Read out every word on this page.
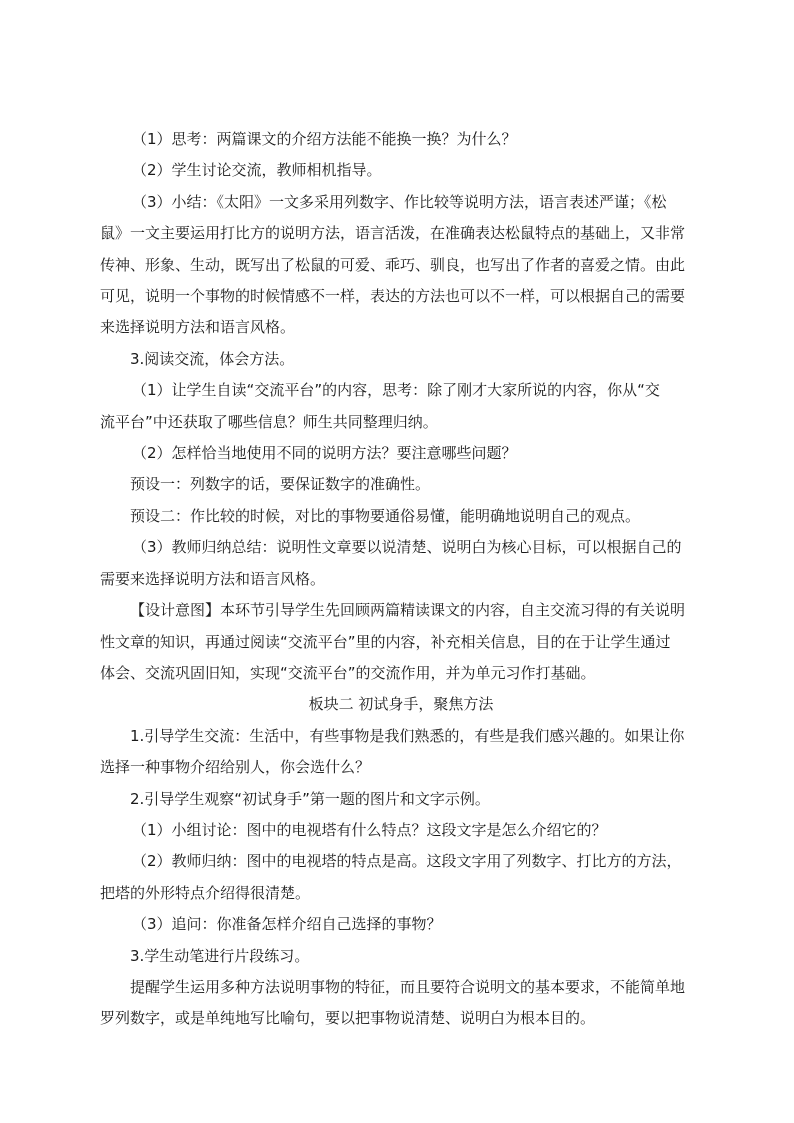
（1）思考：两篇课文的介绍方法能不能换一换？为什么？

（2）学生讨论交流，教师相机指导。

（3）小结：《太阳》一文多采用列数字、作比较等说明方法，语言表述严谨；《松

鼠》一文主要运用打比方的说明方法，语言活泼，在准确表达松鼠特点的基础上，又非常

传神、形象、生动，既写出了松鼠的可爱、乖巧、驯良，也写出了作者的喜爱之情。由此

可见，说明一个事物的时候情感不一样，表达的方法也可以不一样，可以根据自己的需要

来选择说明方法和语言风格。

3.阅读交流，体会方法。

（1）让学生自读“交流平台”的内容，思考：除了刚才大家所说的内容，你从“交

流平台”中还获取了哪些信息？师生共同整理归纳。

（2）怎样恰当地使用不同的说明方法？要注意哪些问题？

预设一：列数字的话，要保证数字的准确性。

预设二：作比较的时候，对比的事物要通俗易懂，能明确地说明自己的观点。

（3）教师归纳总结：说明性文章要以说清楚、说明白为核心目标，可以根据自己的

需要来选择说明方法和语言风格。

【设计意图】本环节引导学生先回顾两篇精读课文的内容，自主交流习得的有关说明

性文章的知识，再通过阅读“交流平台”里的内容，补充相关信息，目的在于让学生通过

体会、交流巩固旧知，实现“交流平台”的交流作用，并为单元习作打基础。

板块二 初试身手，聚焦方法

1.引导学生交流：生活中，有些事物是我们熟悉的，有些是我们感兴趣的。如果让你

选择一种事物介绍给别人，你会选什么？

2.引导学生观察“初试身手”第一题的图片和文字示例。

（1）小组讨论：图中的电视塔有什么特点？这段文字是怎么介绍它的？

（2）教师归纳：图中的电视塔的特点是高。这段文字用了列数字、打比方的方法，

把塔的外形特点介绍得很清楚。

（3）追问：你准备怎样介绍自己选择的事物？

3.学生动笔进行片段练习。

提醒学生运用多种方法说明事物的特征，而且要符合说明文的基本要求，不能简单地

罗列数字，或是单纯地写比喻句，要以把事物说清楚、说明白为根本目的。
